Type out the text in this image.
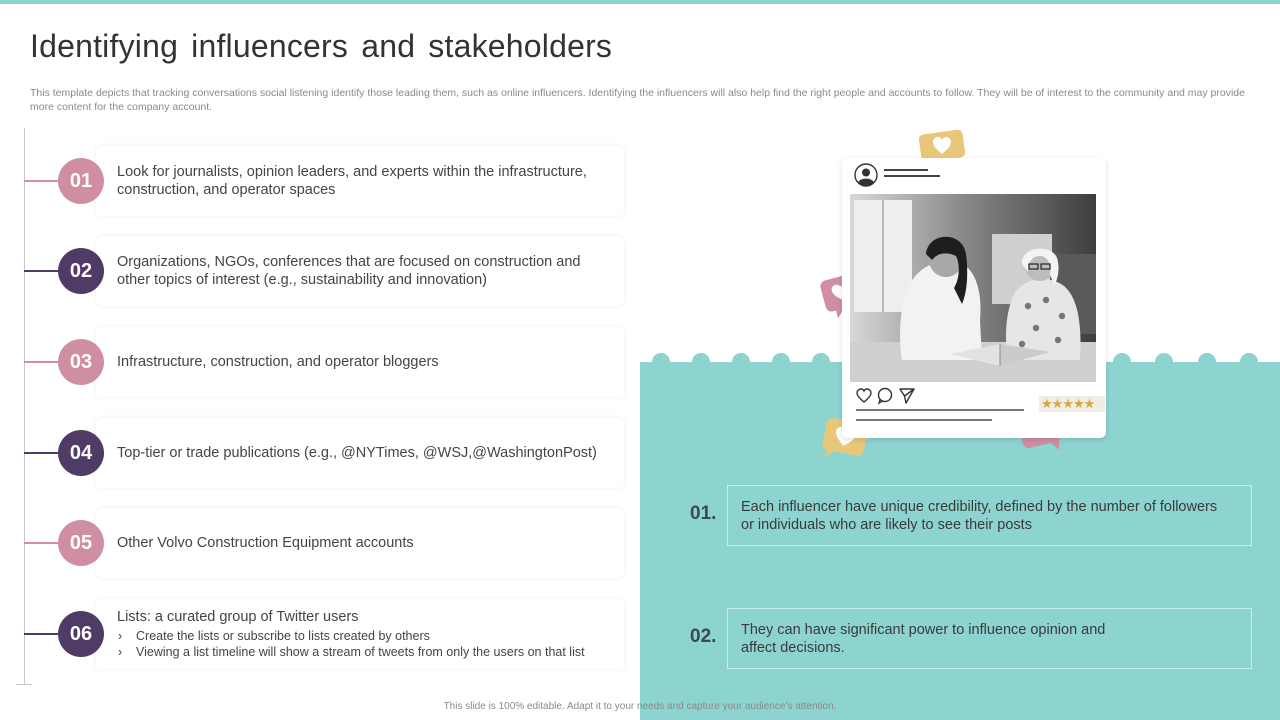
Identifying influencers and stakeholders

This template depicts that tracking conversations social listening identify those leading them, such as online influencers. Identifying the influencers will also help find the right people and accounts to follow. They will be of interest to the community and may provide more content for the company account.

Look for journalists, opinion leaders, and experts within the infrastructure, construction, and operator spaces
01
Organizations, NGOs, conferences that are focused on construction and other topics of interest (e.g., sustainability and innovation)
02
Infrastructure, construction, and operator bloggers
03
Top-tier or trade publications (e.g., @NYTimes, @WSJ,@WashingtonPost)
04
Other Volvo Construction Equipment accounts
05
Lists: a curated group of Twitter users
› Create the lists or subscribe to lists created by others
› Viewing a list timeline will show a stream of tweets from only the users on that list
06
★★★★★
01. Each influencer have unique credibility, defined by the number of followers or individuals who are likely to see their posts
02. They can have significant power to influence opinion and affect decisions.
This slide is 100% editable. Adapt it to your needs and capture your audience’s attention.
